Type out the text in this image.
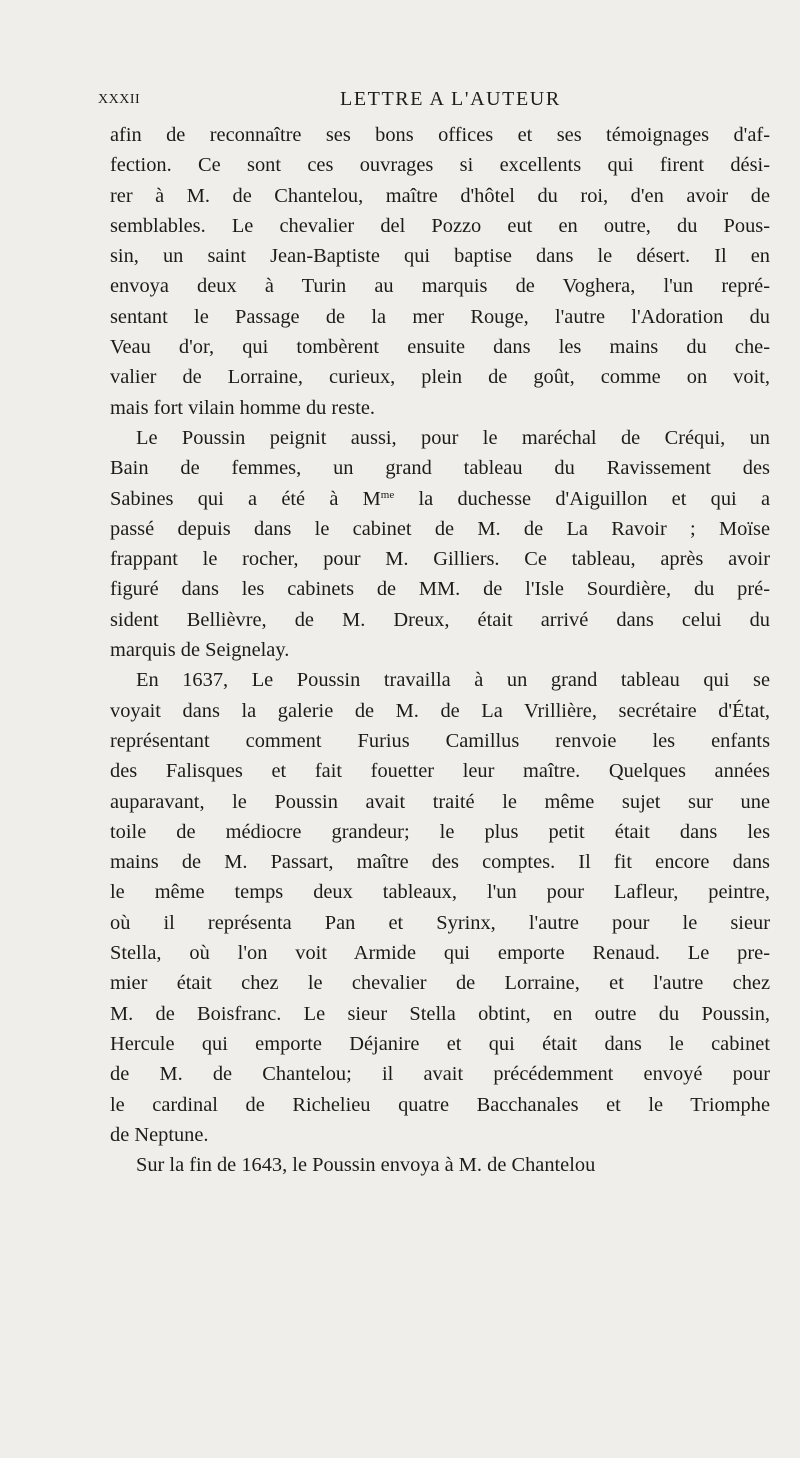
XXXII	LETTRE A L'AUTEUR
afin de reconnaître ses bons offices et ses témoignages d'af-
fection. Ce sont ces ouvrages si excellents qui firent dési-
rer à M. de Chantelou, maître d'hôtel du roi, d'en avoir de
semblables. Le chevalier del Pozzo eut en outre, du Pous-
sin, un saint Jean-Baptiste qui baptise dans le désert. Il en
envoya deux à Turin au marquis de Voghera, l'un repré-
sentant le Passage de la mer Rouge, l'autre l'Adoration du
Veau d'or, qui tombèrent ensuite dans les mains du che-
valier de Lorraine, curieux, plein de goût, comme on voit,
mais fort vilain homme du reste.
Le Poussin peignit aussi, pour le maréchal de Créqui, un
Bain de femmes, un grand tableau du Ravissement des
Sabines qui a été à $M^{me}$ la duchesse d'Aiguillon et qui a
passé depuis dans le cabinet de M. de La Ravoir ; Moïse
frappant le rocher, pour M. Gilliers. Ce tableau, après avoir
figuré dans les cabinets de MM. de l'Isle Sourdière, du pré-
sident Bellièvre, de M. Dreux, était arrivé dans celui du
marquis de Seignelay.
En 1637, Le Poussin travailla à un grand tableau qui se
voyait dans la galerie de M. de La Vrillière, secrétaire d'État,
représentant comment Furius Camillus renvoie les enfants
des Falisques et fait fouetter leur maître. Quelques années
auparavant, le Poussin avait traité le même sujet sur une
toile de médiocre grandeur; le plus petit était dans les
mains de M. Passart, maître des comptes. Il fit encore dans
le même temps deux tableaux, l'un pour Lafleur, peintre,
où il représenta Pan et Syrinx, l'autre pour le sieur
Stella, où l'on voit Armide qui emporte Renaud. Le pre-
mier était chez le chevalier de Lorraine, et l'autre chez
M. de Boisfranc. Le sieur Stella obtint, en outre du Poussin,
Hercule qui emporte Déjanire et qui était dans le cabinet
de M. de Chantelou; il avait précédemment envoyé pour
le cardinal de Richelieu quatre Bacchanales et le Triomphe
de Neptune.
Sur la fin de 1643, le Poussin envoya à M. de Chantelou
